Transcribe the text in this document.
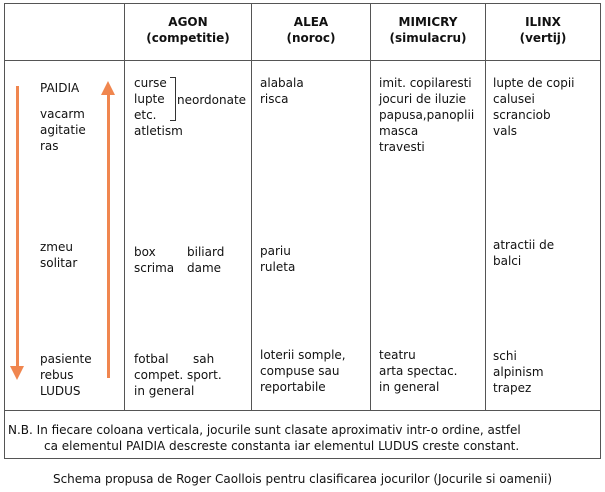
AGON
(competitie)
ALEA
(noroc)
MIMICRY
(simulacru)
ILINX
(vertij)
PAIDIA
vacarm
agitatie
ras
zmeu
solitar
pasiente
rebus
LUDUS
curse
lupte
etc.
atletism
neordonate
box
scrima
biliard
dame
fotbal
compet. sport.
in general
sah
alabala
risca
pariu
ruleta
loterii somple,
compuse sau
reportabile
imit. copilaresti
jocuri de iluzie
papusa,panoplii
masca
travesti
teatru
arta spectac.
in general
lupte de copii
calusei
scranciob
vals
atractii de
balci
schi
alpinism
trapez
N.B. In fiecare coloana verticala, jocurile sunt clasate aproximativ intr-o ordine, astfel
ca elementul PAIDIA descreste constanta iar elementul LUDUS creste constant.
Schema propusa de Roger Caollois pentru clasificarea jocurilor (Jocurile si oamenii)
